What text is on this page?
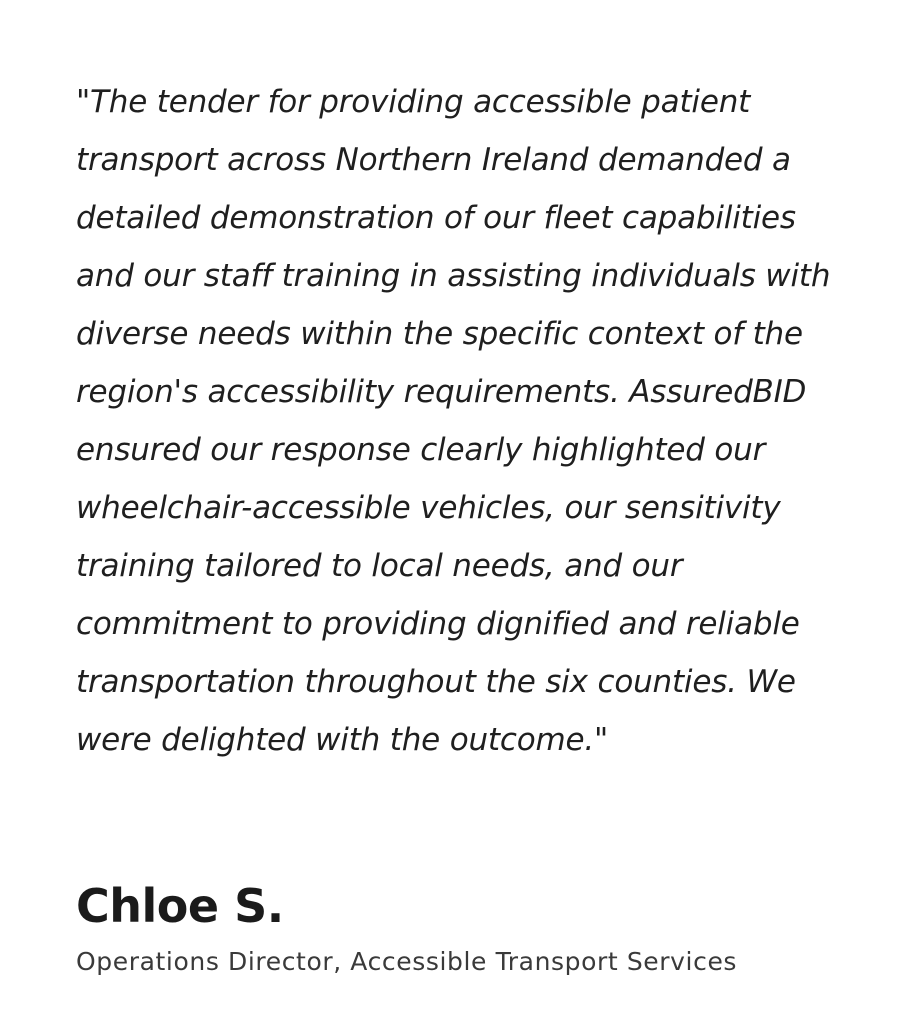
"The tender for providing accessible patient transport across Northern Ireland demanded a detailed demonstration of our fleet capabilities and our staff training in assisting individuals with diverse needs within the specific context of the region's accessibility requirements. AssuredBID ensured our response clearly highlighted our wheelchair-accessible vehicles, our sensitivity training tailored to local needs, and our commitment to providing dignified and reliable transportation throughout the six counties. We were delighted with the outcome."

Chloe S.

Operations Director, Accessible Transport Services
